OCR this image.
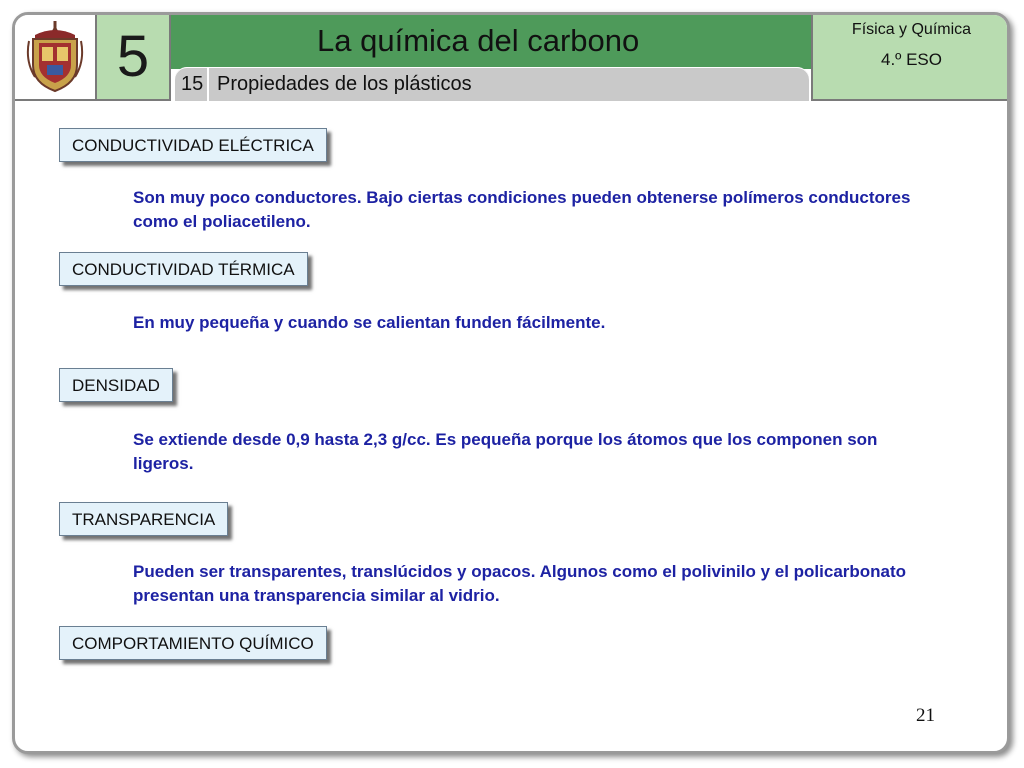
5	La química del carbono
15 Propiedades de los plásticos
Física y Química
4.º ESO
CONDUCTIVIDAD ELÉCTRICA
Son muy poco conductores. Bajo ciertas condiciones pueden obtenerse polímeros conductores como el poliacetileno.
CONDUCTIVIDAD TÉRMICA
En muy pequeña y cuando se calientan funden fácilmente.
DENSIDAD
Se extiende desde 0,9 hasta 2,3 g/cc. Es pequeña porque los átomos que los componen son ligeros.
TRANSPARENCIA
Pueden ser transparentes, translúcidos y opacos. Algunos como el polivinilo y el policarbonato presentan una transparencia similar al vidrio.
COMPORTAMIENTO QUÍMICO
21
